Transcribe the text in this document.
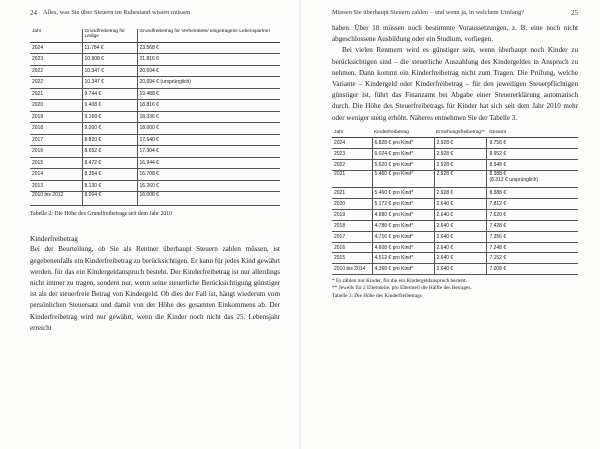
24 Alles, was Sie über Steuern im Ruhestand wissen müssen
Jahr	Grundfreibetrag für Ledige	Grundfreibetrag für Verheiratete/ eingetragene Lebenspartner
2024	11.784 €	23.568 €
2023	10.908 €	21.816 €
2022	10.347 €	20.694 €
2022	10.347 €	20.694 € (ursprünglich)
2021	9.744 €	19.488 €
2020	9.408 €	18.816 €
2019	9.168 €	18.336 €
2018	9.000 €	18.000 €
2017	8.820 €	17.640 €
2016	8.652 €	17.304 €
2015	8.472 €	16.944 €
2014	8.354 €	16.708 €
2013	8.130 €	16.260 €
2010 bis 2012	8.004 €	16.008 €
Tabelle 2: Die Höhe des Grundfreibetrags seit dem Jahr 2010
Kinderfreibetrag

Bei der Beurteilung, ob Sie als Rentner überhaupt Steuern zahlen müssen, ist gegebenenfalls ein Kinderfreibetrag zu berücksichtigen. Er kann für jedes Kind gewährt werden, für das ein Kindergeldanspruch besteht. Der Kinderfreibetrag ist nur allerdings nicht immer zu tragen, sondern nur, wenn seine steuerliche Berücksichtigung günstiger ist als der steuerfreie Betrag von Kindergeld. Ob dies der Fall ist, hängt wiederum vom persönlichen Steuersatz und damit von der Höhe des gesamten Einkommens ab. Der Kinderfreibetrag wird nur gewährt, wenn die Kinder noch nicht das 25. Lebensjahr erreicht

Müssen Sie überhaupt Steuern zahlen – und wenn ja, in welchem Umfang?	25

haben. Über 18 müssen noch bestimmte Voraussetzungen, z. B. eine noch nicht abgeschlossene Ausbildung oder ein Studium, vorliegen.

Bei vielen Rentnern wird es günstiger sein, wenn überhaupt noch Kinder zu berücksichtigen sind – die steuerliche Auszahlung des Kindergeldes in Anspruch zu nehmen. Dann kommt ein Kinderfreibetrag nicht zum Tragen. Die Prüfung, welche Variante – Kindergeld oder Kinderfreibetrag – für den jeweiligen Steuerpflichtigen günstiger ist, führt das Finanzamt bei Abgabe einer Steuererklärung automatisch durch. Die Höhe des Steuerfreibetrags für Kinder hat sich seit dem Jahr 2010 mehr oder weniger stetig erhöht. Näheres entnehmen Sie der Tabelle 3.

Jahr	Kinderfreibetrag	Erziehungsfreibetrag**	Gesamt
2024	6.828 € pro Kind*	2.928 €	9.756 €
2023	6.024 € pro Kind*	2.928 €	8.952 €
2022	5.620 € pro Kind*	2.928 €	8.548 €
2021	5.460 € pro Kind*	2.928 €	8.388 €
(8.312 € ursprünglich)

2021	5.460 € pro Kind*	2.928 €	8.388 €
2020	5.172 € pro Kind*	2.640 €	7.812 €
2019	4.980 € pro Kind*	2.640 €	7.620 €
2018	4.788 € pro Kind*	2.640 €	7.428 €
2017	4.716 € pro Kind*	2.640 €	7.356 €
2016	4.608 € pro Kind*	2.640 €	7.248 €
2015	4.512 € pro Kind*	2.640 €	7.152 €
2010 bis 2014	4.368 € pro Kind*	2.640 €	7.008 €
* Es zählen nur Kinder, für die ein Kindergeldanspruch besteht.
** Jeweils für 2 Elternteile, pro Elternteil die Hälfte des Betrages.
Tabelle 3: Die Höhe des Kinderfreibetrags
